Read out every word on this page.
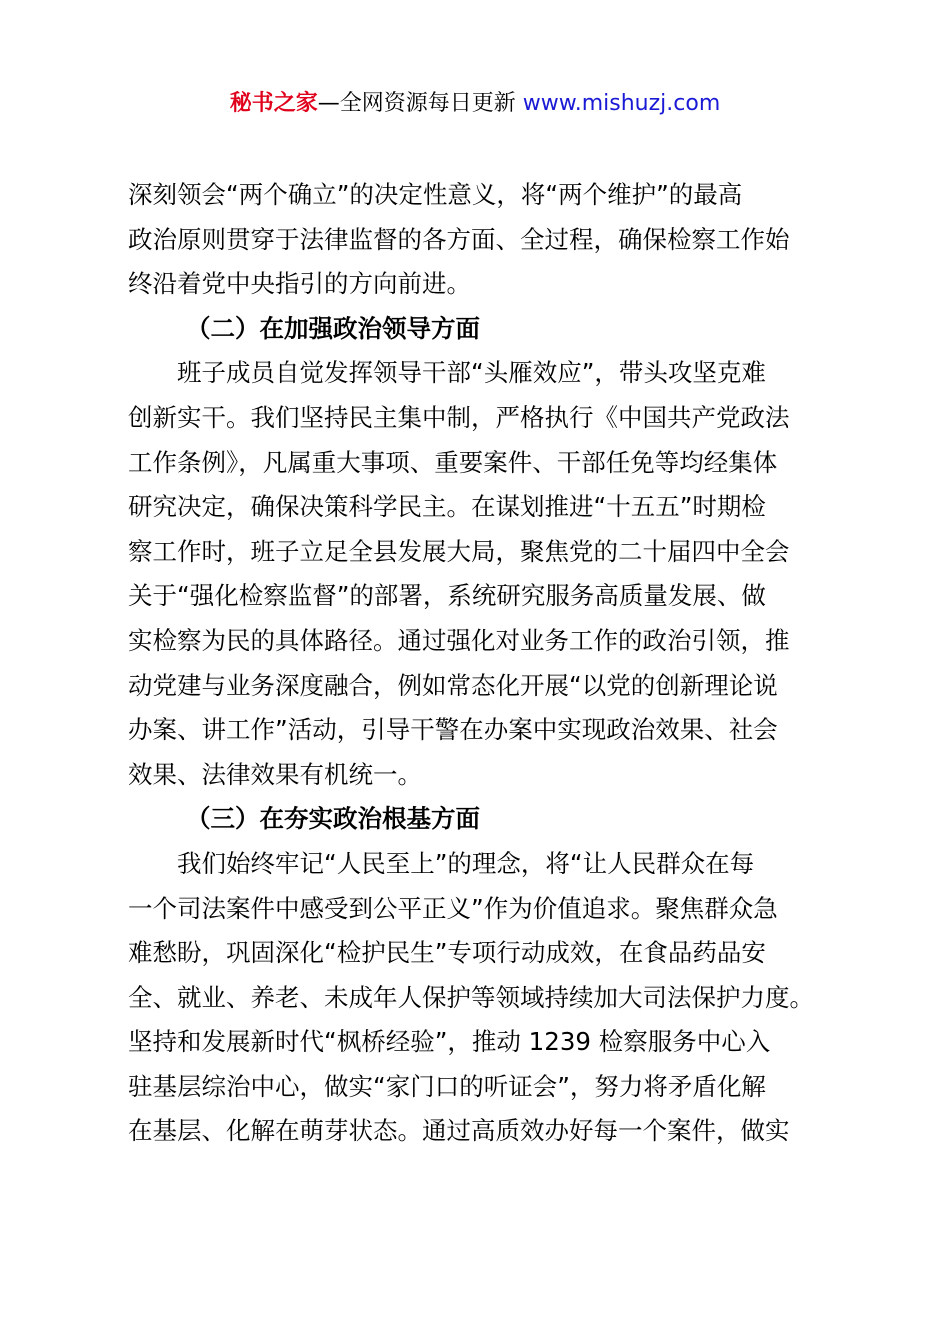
秘书之家—全网资源每日更新 www.mishuzj.com
深刻领会“两个确立”的决定性意义，将“两个维护”的最高
政治原则贯穿于法律监督的各方面、全过程，确保检察工作始
终沿着党中央指引的方向前进。
（二）在加强政治领导方面
班子成员自觉发挥领导干部“头雁效应”，带头攻坚克难
创新实干。我们坚持民主集中制，严格执行《中国共产党政法
工作条例》，凡属重大事项、重要案件、干部任免等均经集体
研究决定，确保决策科学民主。在谋划推进“十五五”时期检
察工作时，班子立足全县发展大局，聚焦党的二十届四中全会
关于“强化检察监督”的部署，系统研究服务高质量发展、做
实检察为民的具体路径。通过强化对业务工作的政治引领，推
动党建与业务深度融合，例如常态化开展“以党的创新理论说
办案、讲工作”活动，引导干警在办案中实现政治效果、社会
效果、法律效果有机统一。
（三）在夯实政治根基方面
我们始终牢记“人民至上”的理念，将“让人民群众在每
一个司法案件中感受到公平正义”作为价值追求。聚焦群众急
难愁盼，巩固深化“检护民生”专项行动成效，在食品药品安
全、就业、养老、未成年人保护等领域持续加大司法保护力度。
坚持和发展新时代“枫桥经验”，推动 1239 检察服务中心入
驻基层综治中心，做实“家门口的听证会”，努力将矛盾化解
在基层、化解在萌芽状态。通过高质效办好每一个案件，做实
